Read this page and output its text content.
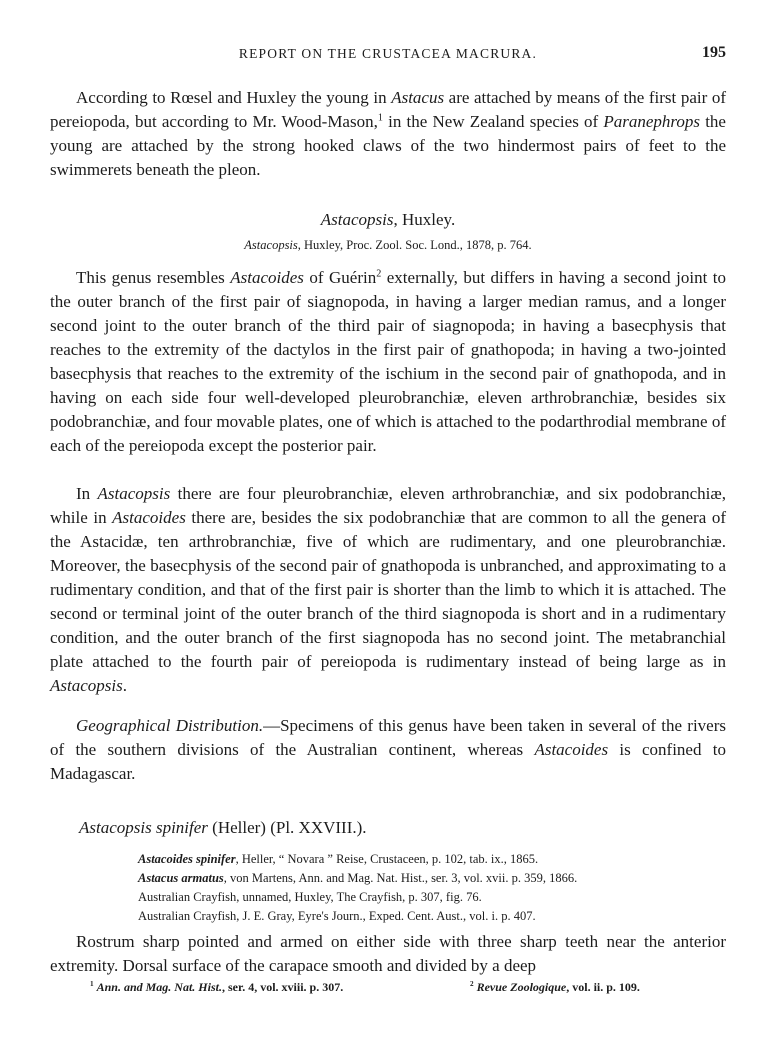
REPORT ON THE CRUSTACEA MACRURA.	195

According to Rœsel and Huxley the young in Astacus are attached by means of the first pair of pereiopoda, but according to Mr. Wood-Mason,$^1$ in the New Zealand species of Paranephrops the young are attached by the strong hooked claws of the two hindermost pairs of feet to the swimmerets beneath the pleon.

Astacopsis, Huxley.

Astacopsis, Huxley, Proc. Zool. Soc. Lond., 1878, p. 764.

This genus resembles Astacoides of Guérin$^2$ externally, but differs in having a second joint to the outer branch of the first pair of siagnopoda, in having a larger median ramus, and a longer second joint to the outer branch of the third pair of siagnopoda; in having a basecphysis that reaches to the extremity of the dactylos in the first pair of gnathopoda; in having a two-jointed basecphysis that reaches to the extremity of the ischium in the second pair of gnathopoda, and in having on each side four well-developed pleurobranchiæ, eleven arthrobranchiæ, besides six podobranchiæ, and four movable plates, one of which is attached to the podarthrodial membrane of each of the pereiopoda except the posterior pair.

In Astacopsis there are four pleurobranchiæ, eleven arthrobranchiæ, and six podobranchiæ, while in Astacoides there are, besides the six podobranchiæ that are common to all the genera of the Astacidæ, ten arthrobranchiæ, five of which are rudimentary, and one pleurobranchiæ. Moreover, the basecphysis of the second pair of gnathopoda is unbranched, and approximating to a rudimentary condition, and that of the first pair is shorter than the limb to which it is attached. The second or terminal joint of the outer branch of the third siagnopoda is short and in a rudimentary condition, and the outer branch of the first siagnopoda has no second joint. The metabranchial plate attached to the fourth pair of pereiopoda is rudimentary instead of being large as in Astacopsis.

Geographical Distribution.—Specimens of this genus have been taken in several of the rivers of the southern divisions of the Australian continent, whereas Astacoides is confined to Madagascar.

Astacopsis spinifer (Heller) (Pl. XXVIII.).

Astacoides spinifer, Heller, “ Novara ” Reise, Crustaceen, p. 102, tab. ix., 1865.
Astacus armatus, von Martens, Ann. and Mag. Nat. Hist., ser. 3, vol. xvii. p. 359, 1866.
Australian Crayfish, unnamed, Huxley, The Crayfish, p. 307, fig. 76.
Australian Crayfish, J. E. Gray, Eyre's Journ., Exped. Cent. Aust., vol. i. p. 407.

Rostrum sharp pointed and armed on either side with three sharp teeth near the anterior extremity. Dorsal surface of the carapace smooth and divided by a deep

$^1$ Ann. and Mag. Nat. Hist., ser. 4, vol. xviii. p. 307.	$^2$ Revue Zoologique, vol. ii. p. 109.
